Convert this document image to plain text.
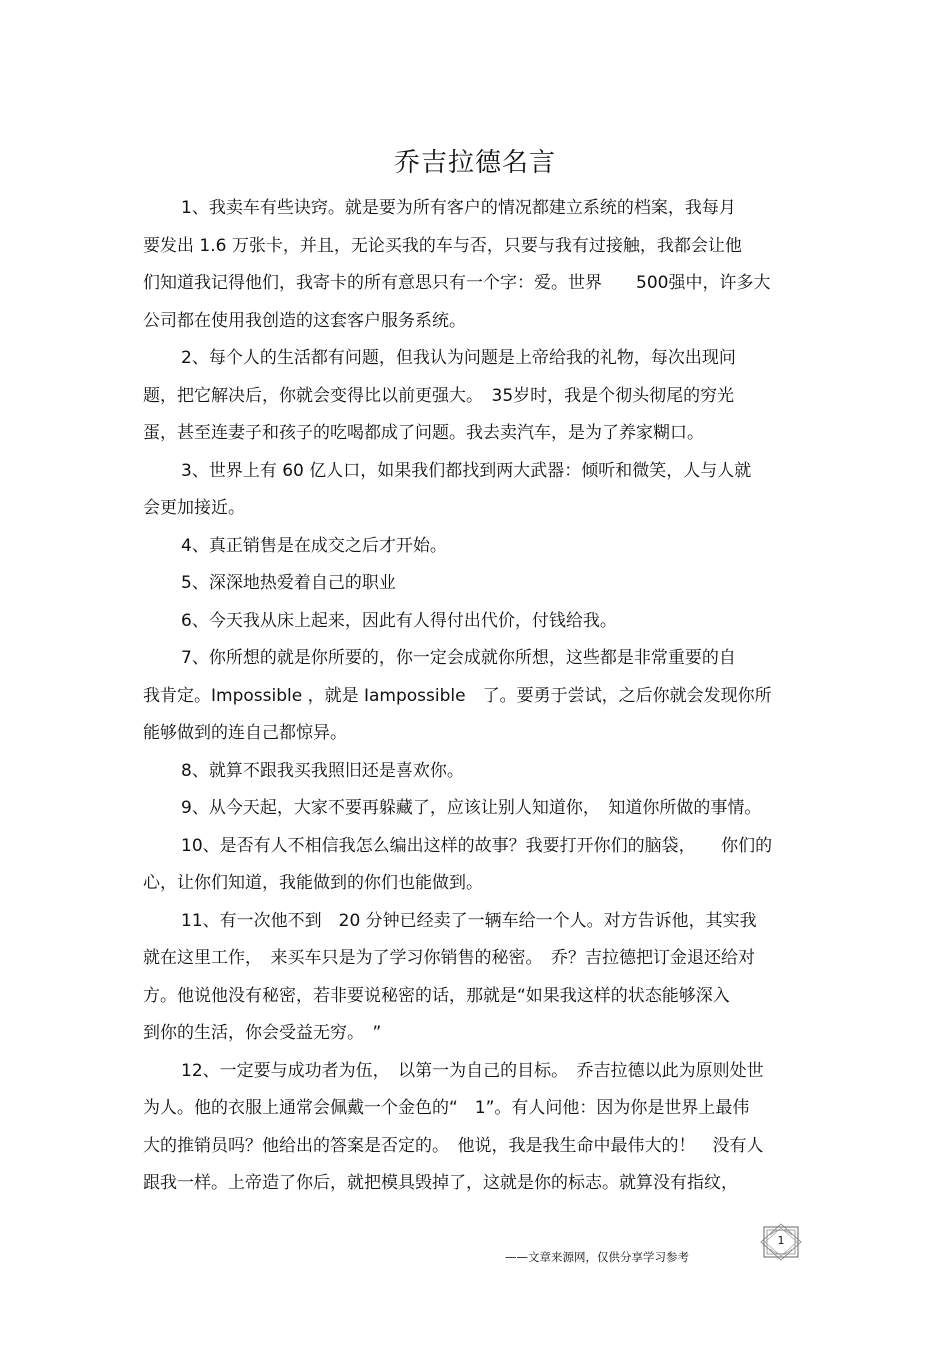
乔吉拉德名言
1、我卖车有些诀窍。就是要为所有客户的情况都建立系统的档案，我每月
要发出 1.6 万张卡，并且，无论买我的车与否，只要与我有过接触，我都会让他
们知道我记得他们，我寄卡的所有意思只有一个字：爱。世界　　500强中，许多大
公司都在使用我创造的这套客户服务系统。
2、每个人的生活都有问题，但我认为问题是上帝给我的礼物，每次出现问
题，把它解决后，你就会变得比以前更强大。　35岁时，我是个彻头彻尾的穷光
蛋，甚至连妻子和孩子的吃喝都成了问题。我去卖汽车，是为了养家糊口。
3、世界上有 60 亿人口，如果我们都找到两大武器：倾听和微笑，人与人就
会更加接近。
4、真正销售是在成交之后才开始。
5、深深地热爱着自己的职业
6、今天我从床上起来，因此有人得付出代价，付钱给我。
7、你所想的就是你所要的，你一定会成就你所想，这些都是非常重要的自
我肯定。Impossible ，就是 Iampossible　了。要勇于尝试，之后你就会发现你所
能够做到的连自己都惊异。
8、就算不跟我买我照旧还是喜欢你。
9、从今天起，大家不要再躲藏了，应该让别人知道你，　知道你所做的事情。
10、是否有人不相信我怎么编出这样的故事？我要打开你们的脑袋，　　你们的
心，让你们知道，我能做到的你们也能做到。
11、有一次他不到　20 分钟已经卖了一辆车给一个人。对方告诉他，其实我
就在这里工作，　来买车只是为了学习你销售的秘密。　乔？吉拉德把订金退还给对
方。他说他没有秘密，若非要说秘密的话，那就是“如果我这样的状态能够深入
到你的生活，你会受益无穷。　”
12、一定要与成功者为伍，　以第一为自己的目标。　乔吉拉德以此为原则处世
为人。他的衣服上通常会佩戴一个金色的“　1”。有人问他：因为你是世界上最伟
大的推销员吗？他给出的答案是否定的。　他说，我是我生命中最伟大的！　没有人
跟我一样。上帝造了你后，就把模具毁掉了，这就是你的标志。就算没有指纹，
——文章来源网，仅供分享学习参考
1
